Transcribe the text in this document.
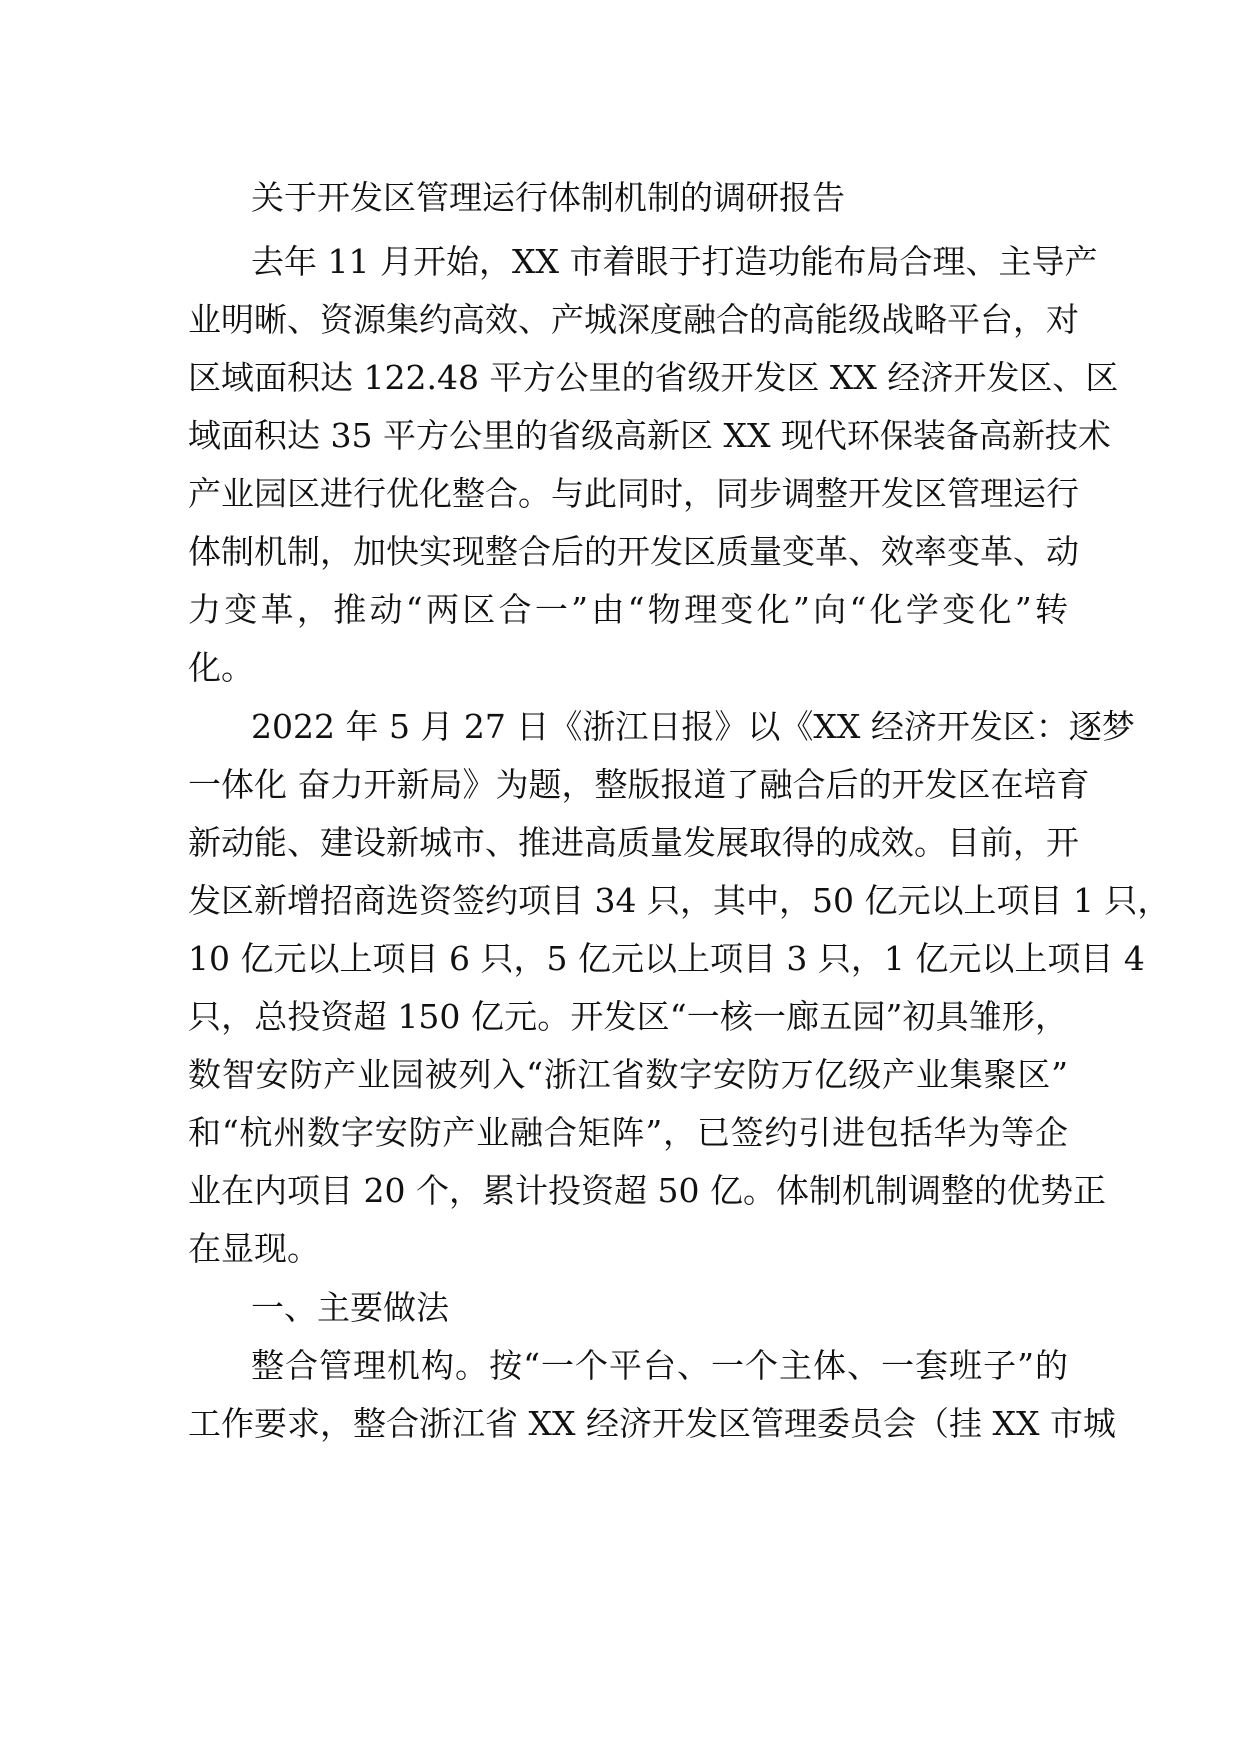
关于开发区管理运行体制机制的调研报告
去年 11 月开始，XX 市着眼于打造功能布局合理、主导产
业明晰、资源集约高效、产城深度融合的高能级战略平台，对
区域面积达 122.48 平方公里的省级开发区 XX 经济开发区、区
域面积达 35 平方公里的省级高新区 XX 现代环保装备高新技术
产业园区进行优化整合。与此同时，同步调整开发区管理运行
体制机制，加快实现整合后的开发区质量变革、效率变革、动
力变革，推动“两区合一”由“物理变化”向“化学变化”转
化。
2022 年 5 月 27 日《浙江日报》以《XX 经济开发区：逐梦
一体化 奋力开新局》为题，整版报道了融合后的开发区在培育
新动能、建设新城市、推进高质量发展取得的成效。目前，开
发区新增招商选资签约项目 34 只，其中，50 亿元以上项目 1 只，
10 亿元以上项目 6 只，5 亿元以上项目 3 只，1 亿元以上项目 4
只，总投资超 150 亿元。开发区“一核一廊五园”初具雏形，
数智安防产业园被列入“浙江省数字安防万亿级产业集聚区”
和“杭州数字安防产业融合矩阵”，已签约引进包括华为等企
业在内项目 20 个，累计投资超 50 亿。体制机制调整的优势正
在显现。
一、主要做法
整合管理机构。按“一个平台、一个主体、一套班子”的
工作要求，整合浙江省 XX 经济开发区管理委员会（挂 XX 市城
